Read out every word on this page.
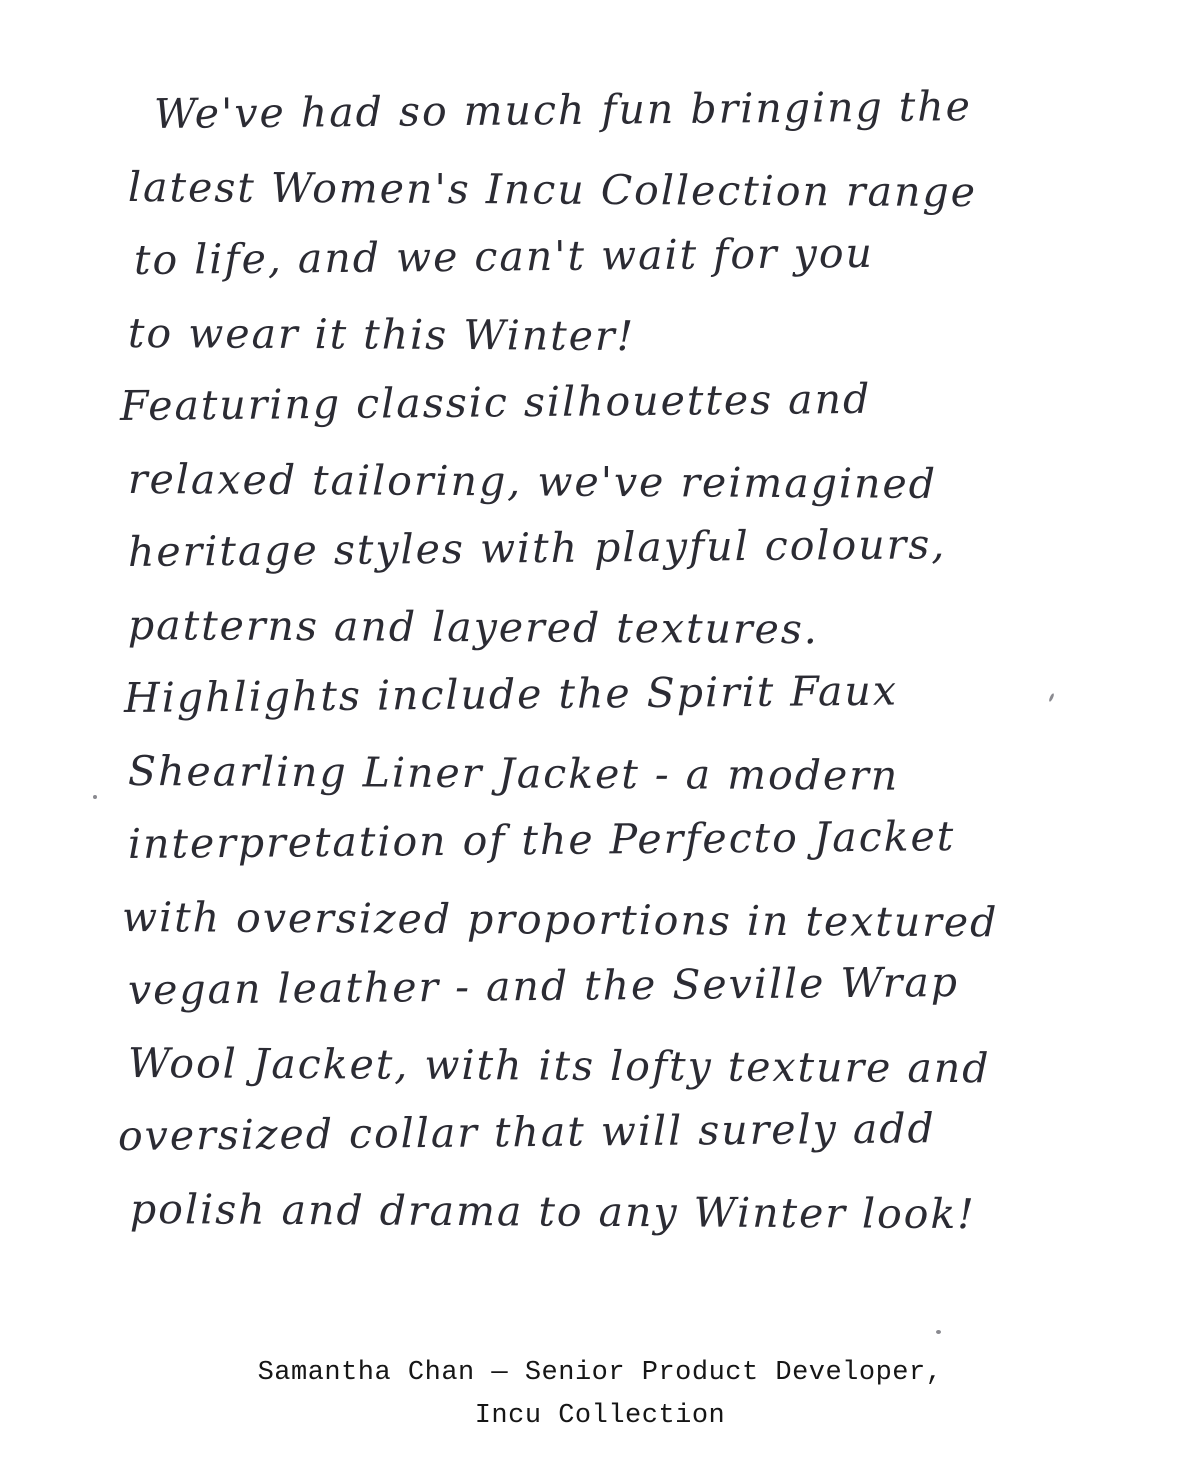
We've had so much fun bringing the
latest Women's Incu Collection range
to life, and we can't wait for you
to wear it this Winter!
Featuring classic silhouettes and
relaxed tailoring, we've reimagined
heritage styles with playful colours,
patterns and layered textures.
Highlights include the Spirit Faux
Shearling Liner Jacket - a modern
interpretation of the Perfecto Jacket
with oversized proportions in textured
vegan leather - and the Seville Wrap
Wool Jacket, with its lofty texture and
oversized collar that will surely add
polish and drama to any Winter look!
Samantha Chan — Senior Product Developer,
Incu Collection
